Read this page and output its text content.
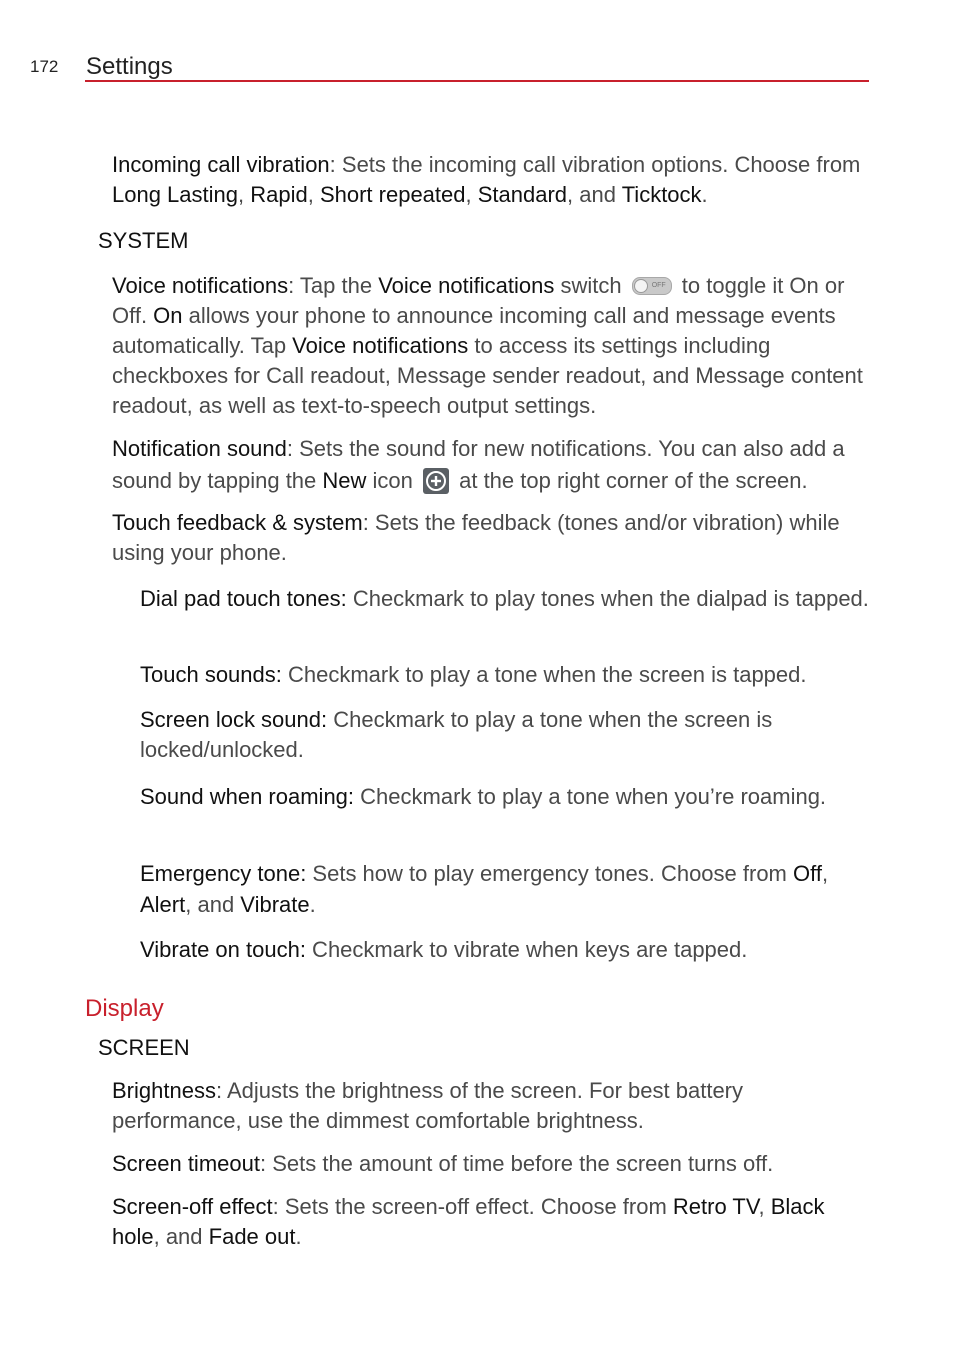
172 Settings
Incoming call vibration: Sets the incoming call vibration options. Choose from Long Lasting, Rapid, Short repeated, Standard, and Ticktock.
SYSTEM
Voice notifications: Tap the Voice notifications switch	OFF to toggle it On or Off. On allows your phone to announce incoming call and message events automatically. Tap Voice notifications to access its settings including checkboxes for Call readout, Message sender readout, and Message content readout, as well as text-to-speech output settings.
Notification sound: Sets the sound for new notifications. You can also add a sound by tapping the New icon
at the top right corner of the screen.
Touch feedback & system: Sets the feedback (tones and/or vibration) while using your phone.
Dial pad touch tones: Checkmark to play tones when the dialpad is tapped.
Touch sounds: Checkmark to play a tone when the screen is tapped.
Screen lock sound: Checkmark to play a tone when the screen is locked/unlocked.
Sound when roaming: Checkmark to play a tone when you’re roaming.
Emergency tone: Sets how to play emergency tones. Choose from Off, Alert, and Vibrate.
Vibrate on touch: Checkmark to vibrate when keys are tapped.
Display
SCREEN
Brightness: Adjusts the brightness of the screen. For best battery performance, use the dimmest comfortable brightness.
Screen timeout: Sets the amount of time before the screen turns off.
Screen-off effect: Sets the screen-off effect. Choose from Retro TV, Black hole, and Fade out.
